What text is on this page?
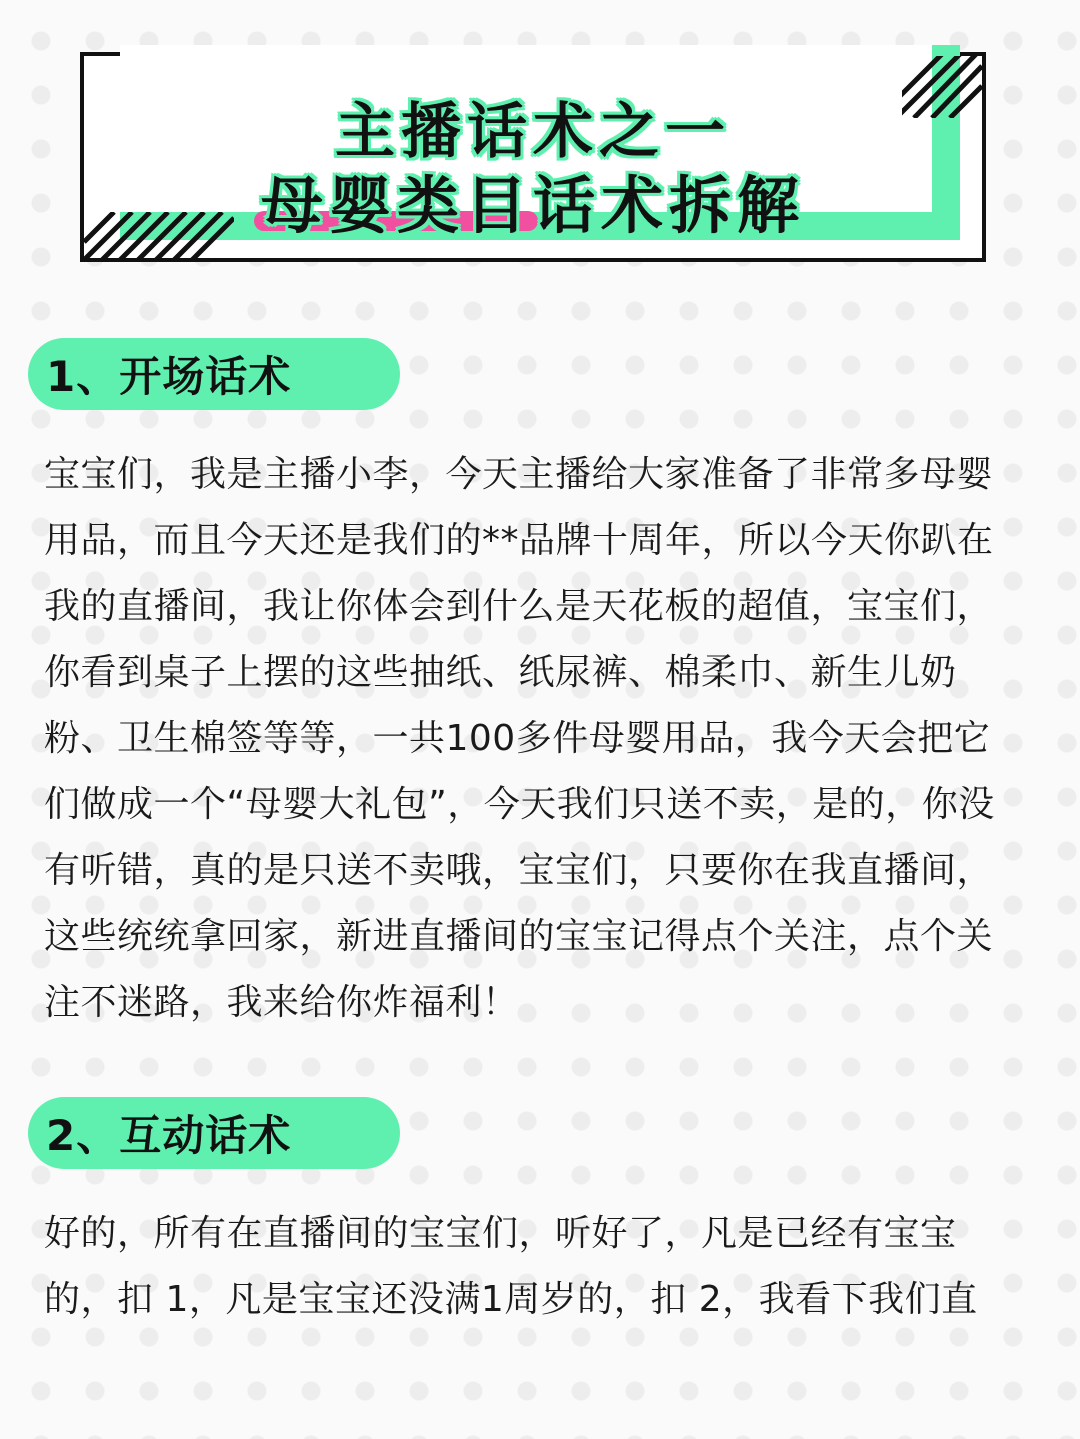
主播话术之一
母婴类目话术拆解
1、开场话术

宝宝们，我是主播小李，今天主播给大家准备了非常多母婴用品，而且今天还是我们的**品牌十周年，所以今天你趴在我的直播间，我让你体会到什么是天花板的超值，宝宝们，你看到桌子上摆的这些抽纸、纸尿裤、棉柔巾、新生儿奶粉、卫生棉签等等，一共100多件母婴用品，我今天会把它们做成一个“母婴大礼包”，今天我们只送不卖，是的，你没有听错，真的是只送不卖哦，宝宝们，只要你在我直播间，这些统统拿回家，新进直播间的宝宝记得点个关注，点个关注不迷路，我来给你炸福利！

2、互动话术

好的，所有在直播间的宝宝们，听好了，凡是已经有宝宝的，扣 1，凡是宝宝还没满1周岁的，扣 2，我看下我们直
